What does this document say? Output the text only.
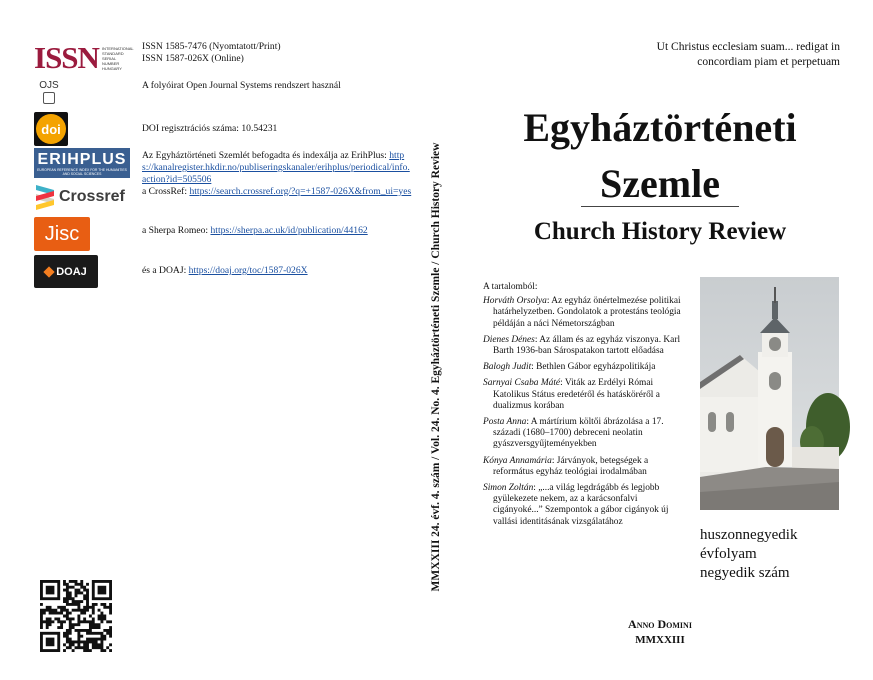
ISSN INTERNATIONAL
STANDARD
SERIAL
NUMBER
HUNGARY
ISSN 1585-7476 (Nyomtatott/Print)
ISSN 1587-026X (Online)
OJS	A folyóirat Open Journal Systems rendszert használ
doi	DOI regisztrációs száma: 10.54231
ERIHPLUS
EUROPEAN REFERENCE INDEX FOR THE HUMANITIES AND SOCIAL SCIENCES
Az Egyháztörténeti Szemlét befogadta és indexálja az ErihPlus: https://kanalregister.hkdir.no/publiseringskanaler/erihplus/periodical/info.action?id=505506
Crossref a CrossRef: https://search.crossref.org/?q=+1587-026X&from_ui=yes
Jisc	a Sherpa Romeo: https://sherpa.ac.uk/id/publication/44162
DOAJ	és a DOAJ: https://doaj.org/toc/1587-026X	MMXXIII 24. évf. 4. szám / Vol. 24. No. 4. Egyháztörténeti Szemle / Church History Review
Ut Christus ecclesiam suam... redigat in
concordiam piam et perpetuam
Egyháztörténeti
Szemle
Church History Review
A tartalomból:
Horváth Orsolya: Az egyház önértelmezése politikai határhelyzetben. Gondolatok a protestáns teológia példáján a náci Németországban
Dienes Dénes: Az állam és az egyház viszonya. Karl Barth 1936-ban Sárospatakon tartott előadása
Balogh Judit: Bethlen Gábor egyházpolitikája
Sarnyai Csaba Máté: Viták az Erdélyi Római Katolikus Státus eredetéről és hatásköréről a dualizmus korában
Posta Anna: A mártírium költői ábrázolása a 17. századi (1680–1700) debreceni neolatin gyászversgyűjteményekben
Kónya Annamária: Járványok, betegségek a református egyház teológiai irodalmában
Simon Zoltán: „...a világ legdrágább és legjobb gyülekezete nekem, az a karácsonfalvi cigányoké...” Szempontok a gábor cigányok új vallási identitásának vizsgálatához
huszonnegyedik
évfolyam
negyedik szám
Anno Domini
MMXXIII
